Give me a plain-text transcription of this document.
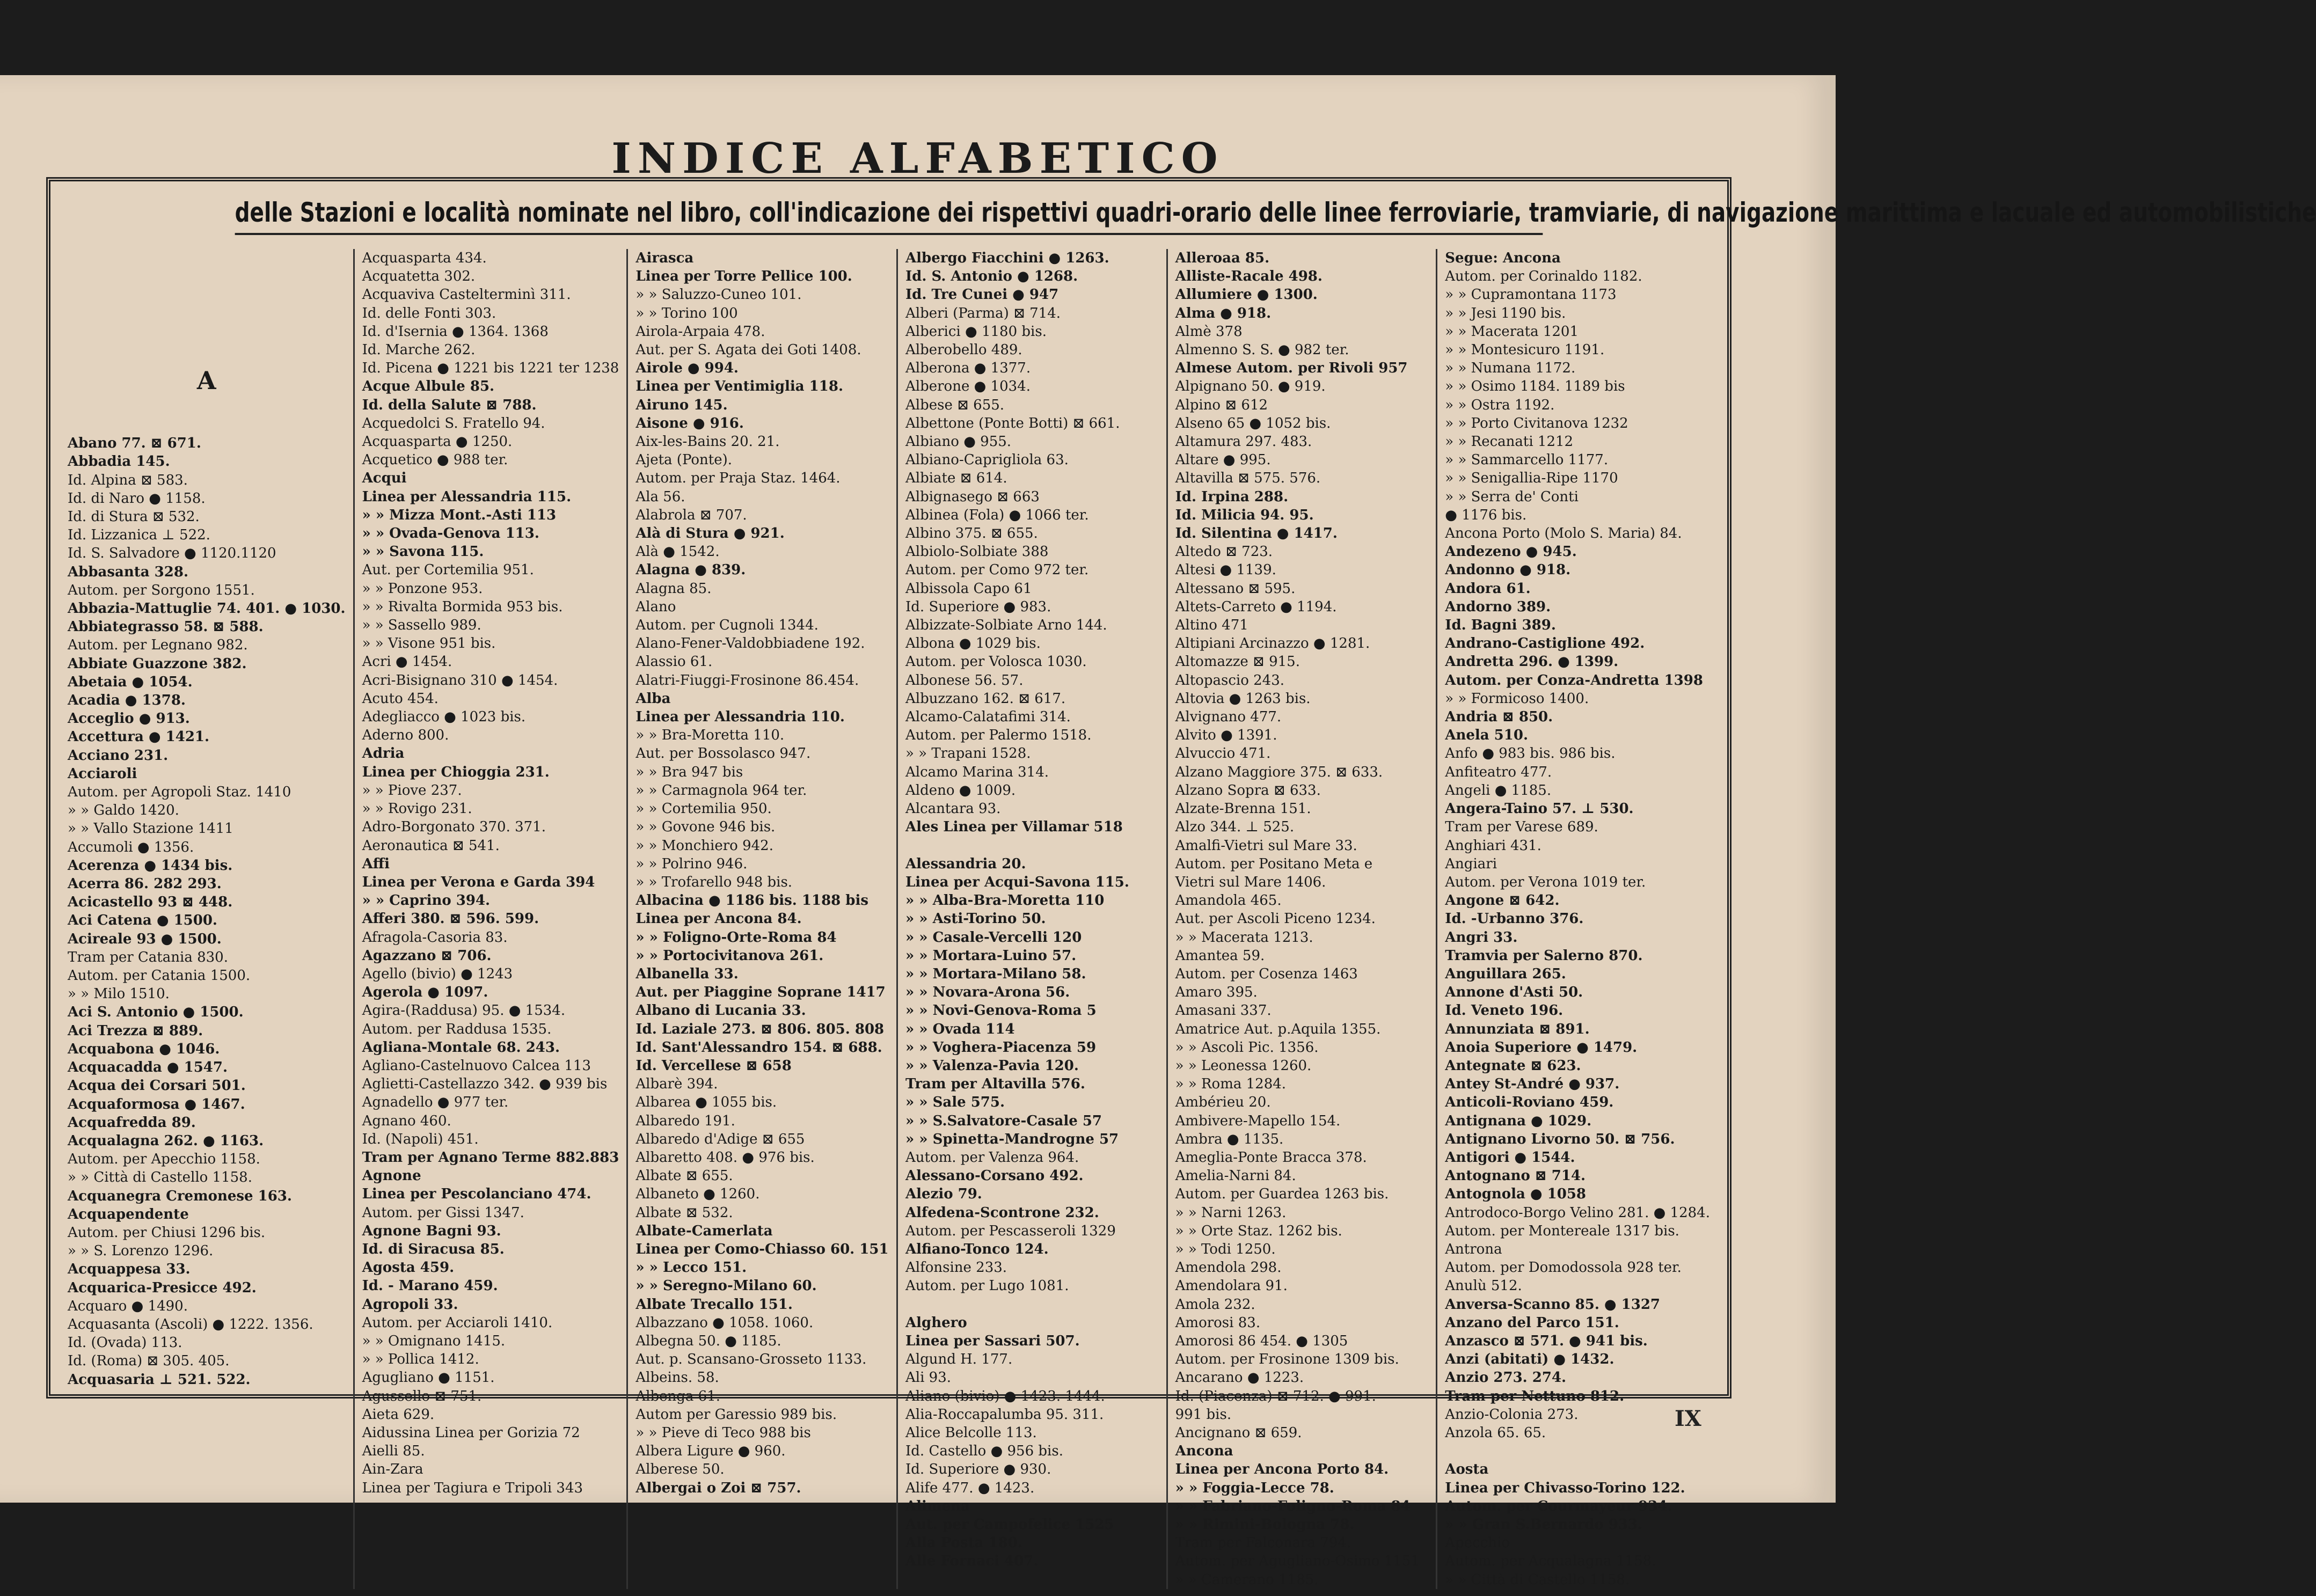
INDICE ALFABETICO
delle Stazioni e località nominate nel libro, coll'indicazione dei rispettivi quadri-orario delle linee ferroviarie, tramviarie, di navigazione marittima e lacuale ed automobilistiche
A
Abano 77. ⊠ 671.
Abbadia 145.
Id. Alpina ⊠ 583.
Id. di Naro ● 1158.
Id. di Stura ⊠ 532.
Id. Lizzanica ⊥ 522.
Id. S. Salvadore ● 1120.1120
Abbasanta 328.
Autom. per Sorgono 1551.
Abbazia-Mattuglie 74. 401. ● 1030.
Abbiategrasso 58. ⊠ 588.
Autom. per Legnano 982.
Abbiate Guazzone 382.
Abetaia ● 1054.
Acadia ● 1378.
Acceglio ● 913.
Accettura ● 1421.
Acciano 231.
Acciaroli
Autom. per Agropoli Staz. 1410
» » Galdo 1420.
» » Vallo Stazione 1411
Accumoli ● 1356.
Acerenza ● 1434 bis.
Acerra 86. 282 293.
Acicastello 93 ⊠ 448.
Aci Catena ● 1500.
Acireale 93 ● 1500.
Tram per Catania 830.
Autom. per Catania 1500.
» » Milo 1510.
Aci S. Antonio ● 1500.
Aci Trezza ⊠ 889.
Acquabona ● 1046.
Acquacadda ● 1547.
Acqua dei Corsari 501.
Acquaformosa ● 1467.
Acquafredda 89.
Acqualagna 262. ● 1163.
Autom. per Apecchio 1158.
» » Città di Castello 1158.
Acquanegra Cremonese 163.
Acquapendente
Autom. per Chiusi 1296 bis.
» » S. Lorenzo 1296.
Acquappesa 33.
Acquarica-Presicce 492.
Acquaro ● 1490.
Acquasanta (Ascoli) ● 1222. 1356.
Id. (Ovada) 113.
Id. (Roma) ⊠ 305. 405.
Acquasaria ⊥ 521. 522.
Acquasparta 434.
Acquatetta 302.
Acquaviva Castelterminì 311.
Id. delle Fonti 303.
Id. d'Isernia ● 1364. 1368
Id. Marche 262.
Id. Picena ● 1221 bis 1221 ter 1238
Acque Albule 85.
Id. della Salute ⊠ 788.
Acquedolci S. Fratello 94.
Acquasparta ● 1250.
Acquetico ● 988 ter.
Acqui
Linea per Alessandria 115.
» » Mizza Mont.-Asti 113
» » Ovada-Genova 113.
» » Savona 115.
Aut. per Cortemilia 951.
» » Ponzone 953.
» » Rivalta Bormida 953 bis.
» » Sassello 989.
» » Visone 951 bis.
Acri ● 1454.
Acri-Bisignano 310 ● 1454.
Acuto 454.
Adegliacco ● 1023 bis.
Aderno 800.
Adria
Linea per Chioggia 231.
» » Piove 237.
» » Rovigo 231.
Adro-Borgonato 370. 371.
Aeronautica ⊠ 541.
Affi
Linea per Verona e Garda 394
» » Caprino 394.
Afferi 380. ⊠ 596. 599.
Afragola-Casoria 83.
Agazzano ⊠ 706.
Agello (bivio) ● 1243
Agerola ● 1097.
Agira-(Raddusa) 95. ● 1534.
Autom. per Raddusa 1535.
Agliana-Montale 68. 243.
Agliano-Castelnuovo Calcea 113
Aglietti-Castellazzo 342. ● 939 bis
Agnadello ● 977 ter.
Agnano 460.
Id. (Napoli) 451.
Tram per Agnano Terme 882.883
Agnone
Linea per Pescolanciano 474.
Autom. per Gissi 1347.
Agnone Bagni 93.
Id. di Siracusa 85.
Agosta 459.
Id. - Marano 459.
Agropoli 33.
Autom. per Acciaroli 1410.
» » Omignano 1415.
» » Pollica 1412.
Agugliano ● 1151.
Agussello ⊠ 751.
Aieta 629.
Aidussina Linea per Gorizia 72
Aielli 85.
Ain-Zara
Linea per Tagiura e Tripoli 343
Airasca
Linea per Torre Pellice 100.
» » Saluzzo-Cuneo 101.
» » Torino 100
Airola-Arpaia 478.
Aut. per S. Agata dei Goti 1408.
Airole ● 994.
Linea per Ventimiglia 118.
Airuno 145.
Aisone ● 916.
Aix-les-Bains 20. 21.
Ajeta (Ponte).
Autom. per Praja Staz. 1464.
Ala 56.
Alabrola ⊠ 707.
Alà di Stura ● 921.
Alà ● 1542.
Alagna ● 839.
Alagna 85.
Alano
Autom. per Cugnoli 1344.
Alano-Fener-Valdobbiadene 192.
Alassio 61.
Alatri-Fiuggi-Frosinone 86.454.
Alba
Linea per Alessandria 110.
» » Bra-Moretta 110.
Aut. per Bossolasco 947.
» » Bra 947 bis
» » Carmagnola 964 ter.
» » Cortemilia 950.
» » Govone 946 bis.
» » Monchiero 942.
» » Polrino 946.
» » Trofarello 948 bis.
Albacina ● 1186 bis. 1188 bis
Linea per Ancona 84.
» » Foligno-Orte-Roma 84
» » Portocivitanova 261.
Albanella 33.
Aut. per Piaggine Soprane 1417
Albano di Lucania 33.
Id. Laziale 273. ⊠ 806. 805. 808
Id. Sant'Alessandro 154. ⊠ 688.
Id. Vercellese ⊠ 658
Albarè 394.
Albarea ● 1055 bis.
Albaredo 191.
Albaredo d'Adige ⊠ 655
Albaretto 408. ● 976 bis.
Albate ⊠ 655.
Albaneto ● 1260.
Albate ⊠ 532.
Albate-Camerlata
Linea per Como-Chiasso 60. 151
» » Lecco 151.
» » Seregno-Milano 60.
Albate Trecallo 151.
Albazzano ● 1058. 1060.
Albegna 50. ● 1185.
Aut. p. Scansano-Grosseto 1133.
Albeins. 58.
Albenga 61.
Autom per Garessio 989 bis.
» » Pieve di Teco 988 bis
Albera Ligure ● 960.
Alberese 50.
Albergai o Zoi ⊠ 757.
Albergo Fiacchini ● 1263.
Id. S. Antonio ● 1268.
Id. Tre Cunei ● 947
Alberi (Parma) ⊠ 714.
Alberici ● 1180 bis.
Alberobello 489.
Alberona ● 1377.
Alberone ● 1034.
Albese ⊠ 655.
Albettone (Ponte Botti) ⊠ 661.
Albiano ● 955.
Albiano-Caprigliola 63.
Albiate ⊠ 614.
Albignasego ⊠ 663
Albinea (Fola) ● 1066 ter.
Albino 375. ⊠ 655.
Albiolo-Solbiate 388
Autom. per Como 972 ter.
Albissola Capo 61
Id. Superiore ● 983.
Albizzate-Solbiate Arno 144.
Albona ● 1029 bis.
Autom. per Volosca 1030.
Albonese 56. 57.
Albuzzano 162. ⊠ 617.
Alcamo-Calatafimi 314.
Autom. per Palermo 1518.
» » Trapani 1528.
Alcamo Marina 314.
Aldeno ● 1009.
Alcantara 93.
Ales Linea per Villamar 518
Alessandria 20.
Linea per Acqui-Savona 115.
» » Alba-Bra-Moretta 110
» » Asti-Torino 50.
» » Casale-Vercelli 120
» » Mortara-Luino 57.
» » Mortara-Milano 58.
» » Novara-Arona 56.
» » Novi-Genova-Roma 5
» » Ovada 114
» » Voghera-Piacenza 59
» » Valenza-Pavia 120.
Tram per Altavilla 576.
» » Sale 575.
» » S.Salvatore-Casale 57
» » Spinetta-Mandrogne 57
Autom. per Valenza 964.
Alessano-Corsano 492.
Alezio 79.
Alfedena-Scontrone 232.
Autom. per Pescasseroli 1329
Alfiano-Tonco 124.
Alfonsine 233.
Autom. per Lugo 1081.
Alghero
Linea per Sassari 507.
Algund H. 177.
Ali 93.
Aliano (bivio) ● 1423. 1444.
Alia-Roccapalumba 95. 311.
Alice Belcolle 113.
Id. Castello ● 956 bis.
Id. Superiore ● 930.
Alife 477. ● 1423.
Alimena
Aut. per Campofelice 1525
Alla Posta 180.
Alle Fornaci 407.
Alleroaa 85.
Alliste-Racale 498.
Allumiere ● 1300.
Alma ● 918.
Almè 378
Almenno S. S. ● 982 ter.
Almese Autom. per Rivoli 957
Alpignano 50. ● 919.
Alpino ⊠ 612
Alseno 65 ● 1052 bis.
Altamura 297. 483.
Altare ● 995.
Altavilla ⊠ 575. 576.
Id. Irpina 288.
Id. Milicia 94. 95.
Id. Silentina ● 1417.
Altedo ⊠ 723.
Altesi ● 1139.
Altessano ⊠ 595.
Altets-Carreto ● 1194.
Altino 471
Altipiani Arcinazzo ● 1281.
Altomazze ⊠ 915.
Altopascio 243.
Altovia ● 1263 bis.
Alvignano 477.
Alvito ● 1391.
Alvuccio 471.
Alzano Maggiore 375. ⊠ 633.
Alzano Sopra ⊠ 633.
Alzate-Brenna 151.
Alzo 344. ⊥ 525.
Amalfi-Vietri sul Mare 33.
Autom. per Positano Meta e
Vietri sul Mare 1406.
Amandola 465.
Aut. per Ascoli Piceno 1234.
» » Macerata 1213.
Amantea 59.
Autom. per Cosenza 1463
Amaro 395.
Amasani 337.
Amatrice Aut. p.Aquila 1355.
» » Ascoli Pic. 1356.
» » Leonessa 1260.
» » Roma 1284.
Ambérieu 20.
Ambivere-Mapello 154.
Ambra ● 1135.
Ameglia-Ponte Bracca 378.
Amelia-Narni 84.
Autom. per Guardea 1263 bis.
» » Narni 1263.
» » Orte Staz. 1262 bis.
» » Todi 1250.
Amendola 298.
Amendolara 91.
Amola 232.
Amorosi 83.
Amorosi 86 454. ● 1305
Autom. per Frosinone 1309 bis.
Ancarano ● 1223.
Id. (Piacenza) ⊠ 712. ● 991.
991 bis.
Ancignano ⊠ 659.
Ancona
Linea per Ancona Porto 84.
» » Foggia-Lecce 78.
» » Fabriano-Foligno-Roma 84
» » Rimini-Bologna 78.
Tram per Falconara 794.
Autom. per Agugliano-Osimo 1151
» » Camerano 1185.
Segue: Ancona
Autom. per Corinaldo 1182.
» » Cupramontana 1173
» » Jesi 1190 bis.
» » Macerata 1201
» » Montesicuro 1191.
» » Numana 1172.
» » Osimo 1184. 1189 bis
» » Ostra 1192.
» » Porto Civitanova 1232
» » Recanati 1212
» » Sammarcello 1177.
» » Senigallia-Ripe 1170
» » Serra de' Conti
● 1176 bis.
Ancona Porto (Molo S. Maria) 84.
Andezeno ● 945.
Andonno ● 918.
Andora 61.
Andorno 389.
Id. Bagni 389.
Andrano-Castiglione 492.
Andretta 296. ● 1399.
Autom. per Conza-Andretta 1398
» » Formicoso 1400.
Andria ⊠ 850.
Anela 510.
Anfo ● 983 bis. 986 bis.
Anfiteatro 477.
Angeli ● 1185.
Angera-Taino 57. ⊥ 530.
Tram per Varese 689.
Anghiari 431.
Angiari
Autom. per Verona 1019 ter.
Angone ⊠ 642.
Id. -Urbanno 376.
Angri 33.
Tramvia per Salerno 870.
Anguillara 265.
Annone d'Asti 50.
Id. Veneto 196.
Annunziata ⊠ 891.
Anoia Superiore ● 1479.
Antegnate ⊠ 623.
Antey St-André ● 937.
Anticoli-Roviano 459.
Antignana ● 1029.
Antignano Livorno 50. ⊠ 756.
Antigori ● 1544.
Antognano ⊠ 714.
Antognola ● 1058
Antrodoco-Borgo Velino 281. ● 1284.
Autom. per Monterealе 1317 bis.
Antrona
Autom. per Domodossola 928 ter.
Anulù 512.
Anversa-Scanno 85. ● 1327
Anzano del Parco 151.
Anzasco ⊠ 571. ● 941 bis.
Anzi (abitati) ● 1432.
Anzio 273. 274.
Tram per Nettuno 812.
Anzio-Colonia 273.
Anzola 65. 65.
Aosta
Linea per Chivasso-Torino 122.
Autom. per Courmayeur 934.
» » Gran S.Bernardo 933.
Apecchio
Autom. per Acqualagna 1158.
» » Città di Castello 1158.
IX
